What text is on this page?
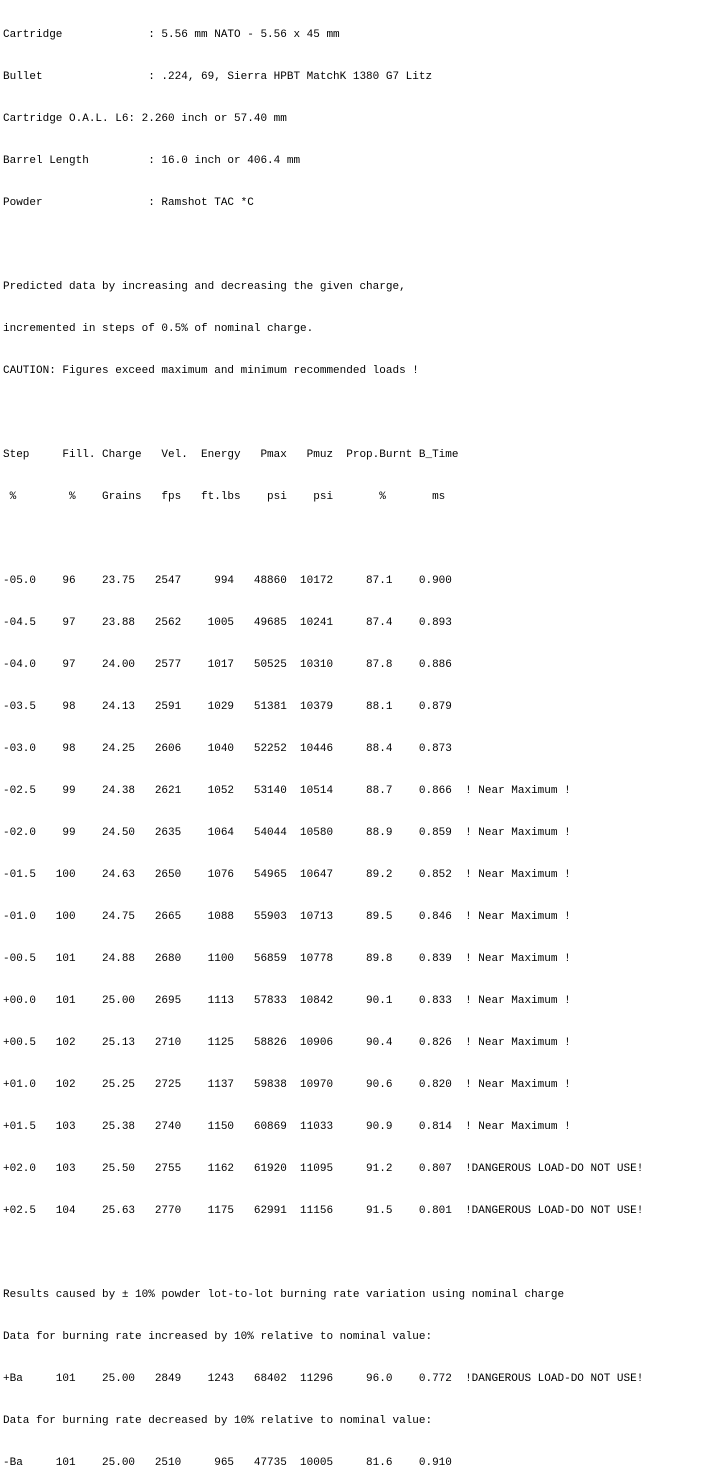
Cartridge             : 5.56 mm NATO - 5.56 x 45 mm

Bullet                : .224, 69, Sierra HPBT MatchK 1380 G7 Litz

Cartridge O.A.L. L6: 2.260 inch or 57.40 mm

Barrel Length         : 16.0 inch or 406.4 mm

Powder                : Ramshot TAC *C

Predicted data by increasing and decreasing the given charge,

incremented in steps of 0.5% of nominal charge.

CAUTION: Figures exceed maximum and minimum recommended loads !

Step     Fill. Charge   Vel.  Energy   Pmax   Pmuz  Prop.Burnt B_Time

%        %    Grains   fps   ft.lbs    psi    psi       %       ms

-05.0    96    23.75   2547     994   48860  10172     87.1    0.900

-04.5    97    23.88   2562    1005   49685  10241     87.4    0.893

-04.0    97    24.00   2577    1017   50525  10310     87.8    0.886

-03.5    98    24.13   2591    1029   51381  10379     88.1    0.879

-03.0    98    24.25   2606    1040   52252  10446     88.4    0.873

-02.5    99    24.38   2621    1052   53140  10514     88.7    0.866  ! Near Maximum !

-02.0    99    24.50   2635    1064   54044  10580     88.9    0.859  ! Near Maximum !

-01.5   100    24.63   2650    1076   54965  10647     89.2    0.852  ! Near Maximum !

-01.0   100    24.75   2665    1088   55903  10713     89.5    0.846  ! Near Maximum !

-00.5   101    24.88   2680    1100   56859  10778     89.8    0.839  ! Near Maximum !

+00.0   101    25.00   2695    1113   57833  10842     90.1    0.833  ! Near Maximum !

+00.5   102    25.13   2710    1125   58826  10906     90.4    0.826  ! Near Maximum !

+01.0   102    25.25   2725    1137   59838  10970     90.6    0.820  ! Near Maximum !

+01.5   103    25.38   2740    1150   60869  11033     90.9    0.814  ! Near Maximum !

+02.0   103    25.50   2755    1162   61920  11095     91.2    0.807  !DANGEROUS LOAD-DO NOT USE!

+02.5   104    25.63   2770    1175   62991  11156     91.5    0.801  !DANGEROUS LOAD-DO NOT USE!

Results caused by ± 10% powder lot-to-lot burning rate variation using nominal charge

Data for burning rate increased by 10% relative to nominal value:

+Ba     101    25.00   2849    1243   68402  11296     96.0    0.772  !DANGEROUS LOAD-DO NOT USE!

Data for burning rate decreased by 10% relative to nominal value:

-Ba     101    25.00   2510     965   47735  10005     81.6    0.910
